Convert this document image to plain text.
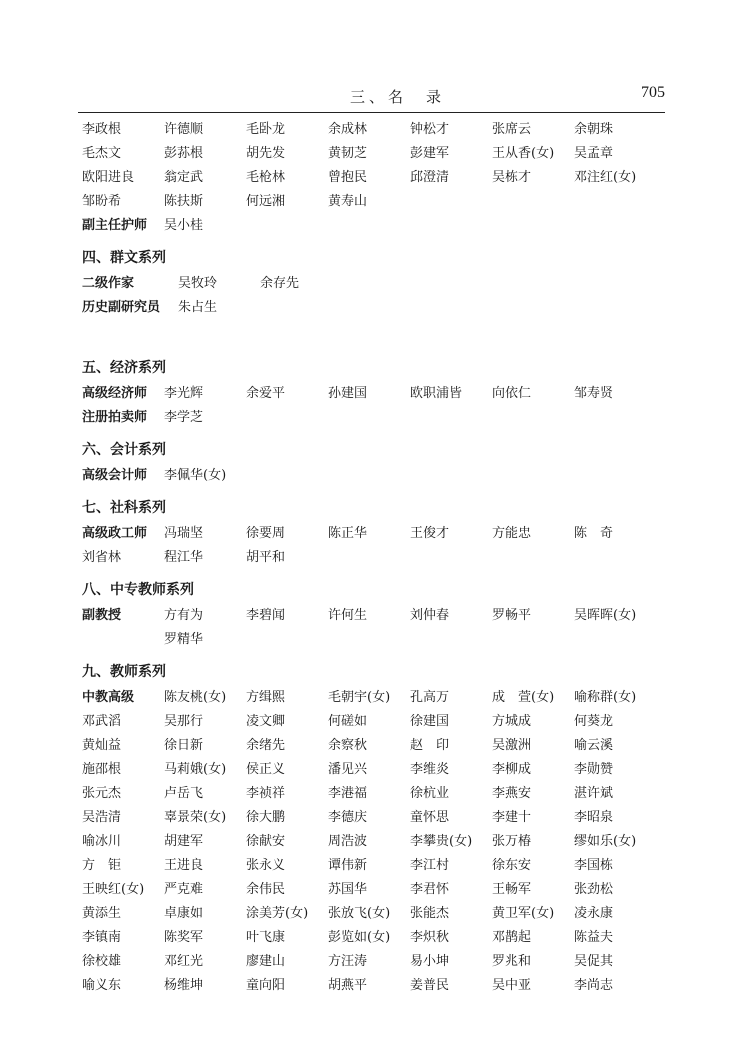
三、名　录	705
李政根	许德顺	毛卧龙	余成林	钟松才	张席云	余朝珠
毛杰文	彭荪根	胡先发	黄韧芝	彭建军	王从香(女) 吴孟章
欧阳进良 翁定武	毛枪林	曾抱民	邱澄清	吴栋才	邓注红(女)
邹盼希	陈扶斯	何远湘	黄寿山
副主任护师 吴小桂
四、群文系列
二级作家	吴牧玲	余存先
历史副研究员 朱占生
五、经济系列
高级经济师 李光辉	余爱平	孙建国	欧职浦皆 向依仁	邹寿贤
注册拍卖师 李学芝
六、会计系列
高级会计师 李佩华(女)
七、社科系列
高级政工师 冯瑞坚	徐要周	陈正华	王俊才	方能忠	陈　奇
刘省林	程江华	胡平和
八、中专教师系列
副教授	方有为	李碧闻	许何生	刘仲春	罗畅平	吴晖晖(女)
罗精华
九、教师系列
中教高级 陈友桃(女) 方缉熙	毛朝宇(女) 孔高万	成　萱(女) 喻称群(女)
邓武滔	吴那行	凌文卿	何磋如	徐建国	方城成	何葵龙
黄灿益	徐日新	余绪先	余察秋	赵　印	吴激洲	喻云溪
施邵根	马莉娥(女) 侯正义	潘见兴	李维炎	李柳成	李勋赞
张元杰	卢岳飞	李祯祥	李港福	徐杭业	李燕安	湛许斌
吴浩清	辜景荣(女) 徐大鹏	李德庆	童怀思	李建十	李昭泉
喻冰川	胡建军	徐献安	周浩波	李攀贵(女) 张万椿	缪如乐(女)
方　钜	王进良	张永义	谭伟新	李江村	徐东安	李国栋
王映红(女) 严克难	余伟民	苏国华	李君怀	王畅军	张劲松
黄添生	卓康如	涂美芳(女) 张放飞(女) 张能杰	黄卫军(女) 凌永康
李镇南	陈奖军	叶飞康	彭览如(女) 李炽秋	邓鹊起	陈益夫
徐校雄	邓红光	廖建山	方汪涛	易小坤	罗兆和	吴促其
喻义东	杨维坤	童向阳	胡燕平	姜普民	吴中亚	李尚志
